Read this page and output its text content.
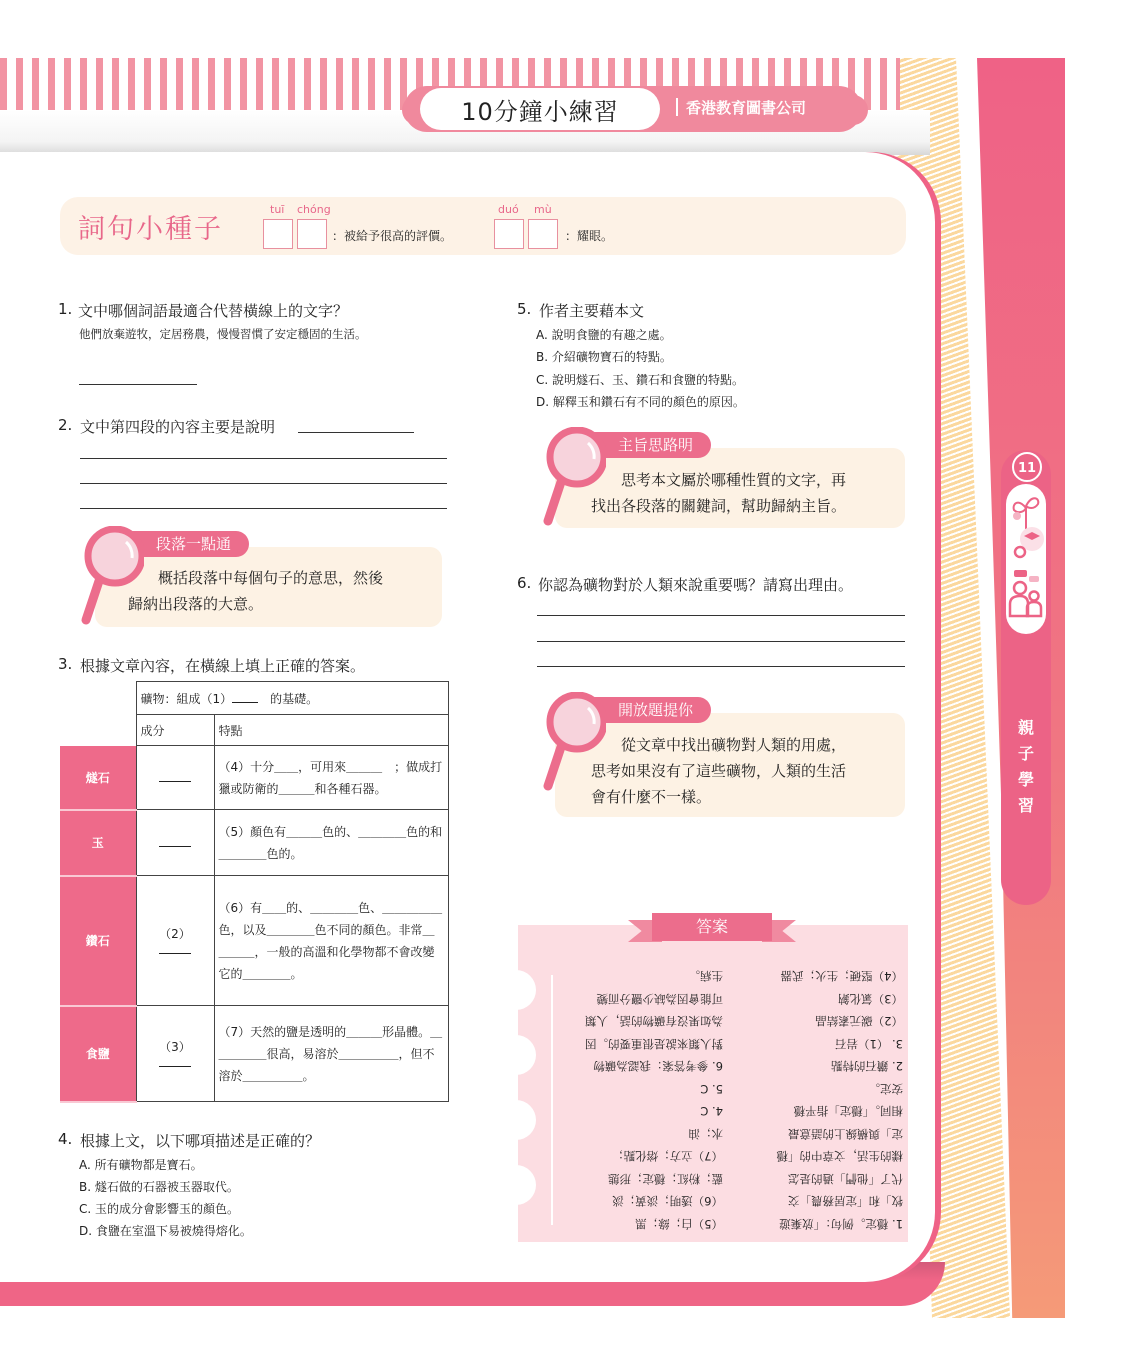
10分鐘小練習	香港教育圖書公司
詞句小種子
tuī chóng
：被給予很高的評價。
duó mù
：耀眼。
1. 文中哪個詞語最適合代替橫線上的文字？
他們放棄遊牧，定居務農，慢慢習慣了安定穩固的生活。
2. 文中第四段的內容主要是說明
段落一點通
　　概括段落中每個句子的意思，然後
歸納出段落的大意。
3. 根據文章內容，在橫線上填上正確的答案。
	礦物：組成（1）　的基礎。	
	成分	特點
燧石		（4）十分＿＿，可用來＿＿＿　；做成打獵或防衛的＿＿＿和各種石器。
玉		（5）顏色有＿＿＿色的、＿＿＿＿色的和＿＿＿＿色的。
鑽石	（2）	（6）有＿＿的、＿＿＿＿色、＿＿＿＿＿色，以及＿＿＿＿色不同的顏色。非常＿＿＿＿，一般的高溫和化學物都不會改變它的＿＿＿＿。
食鹽	（3）	（7）天然的鹽是透明的＿＿＿形晶體。＿＿＿＿＿很高，易溶於＿＿＿＿＿，但不溶於＿＿＿＿＿。
4. 根據上文，以下哪項描述是正確的？
A. 所有礦物都是寶石。
B. 燧石做的石器被玉器取代。
C. 玉的成分會影響玉的顏色。
D. 食鹽在室溫下易被燒得熔化。
5. 作者主要藉本文
A. 說明食鹽的有趣之處。
B. 介紹礦物寶石的特點。
C. 說明燧石、玉、鑽石和食鹽的特點。
D. 解釋玉和鑽石有不同的顏色的原因。
主旨思路明
　　思考本文屬於哪種性質的文字，再
找出各段落的關鍵詞，幫助歸納主旨。
6. 你認為礦物對於人類來說重要嗎？請寫出理由。
開放題提你
　　從文章中找出礦物對人類的用處，
思考如果沒有了這些礦物，人類的生活
會有什麼不一樣。
1. 穩定。例句：「放棄遊
牧」和「定居務農」交
代了「他們」過的是怎
樣的生活，文章中的「穩
定」與橫線上的語意最
相同。「穩定」指平穩
安定。
2. 鑽石的特點
3. （1）岩石
（2）碳元素結晶
（3）氯化鈉
（4）堅硬；生火；武器
（5）白；綠；黑
（6）透明；淡黃；淡
藍；粉紅；穩定；形態
（7）立方；熔化點；
水；油
4. C
5. C
6. 參考答案：我認為礦物
對人類來說是很重要的。因
為如果沒有礦物的話，人類
可能會因為缺少鹽分而變
生病。
答案
11
親
子
學
習
